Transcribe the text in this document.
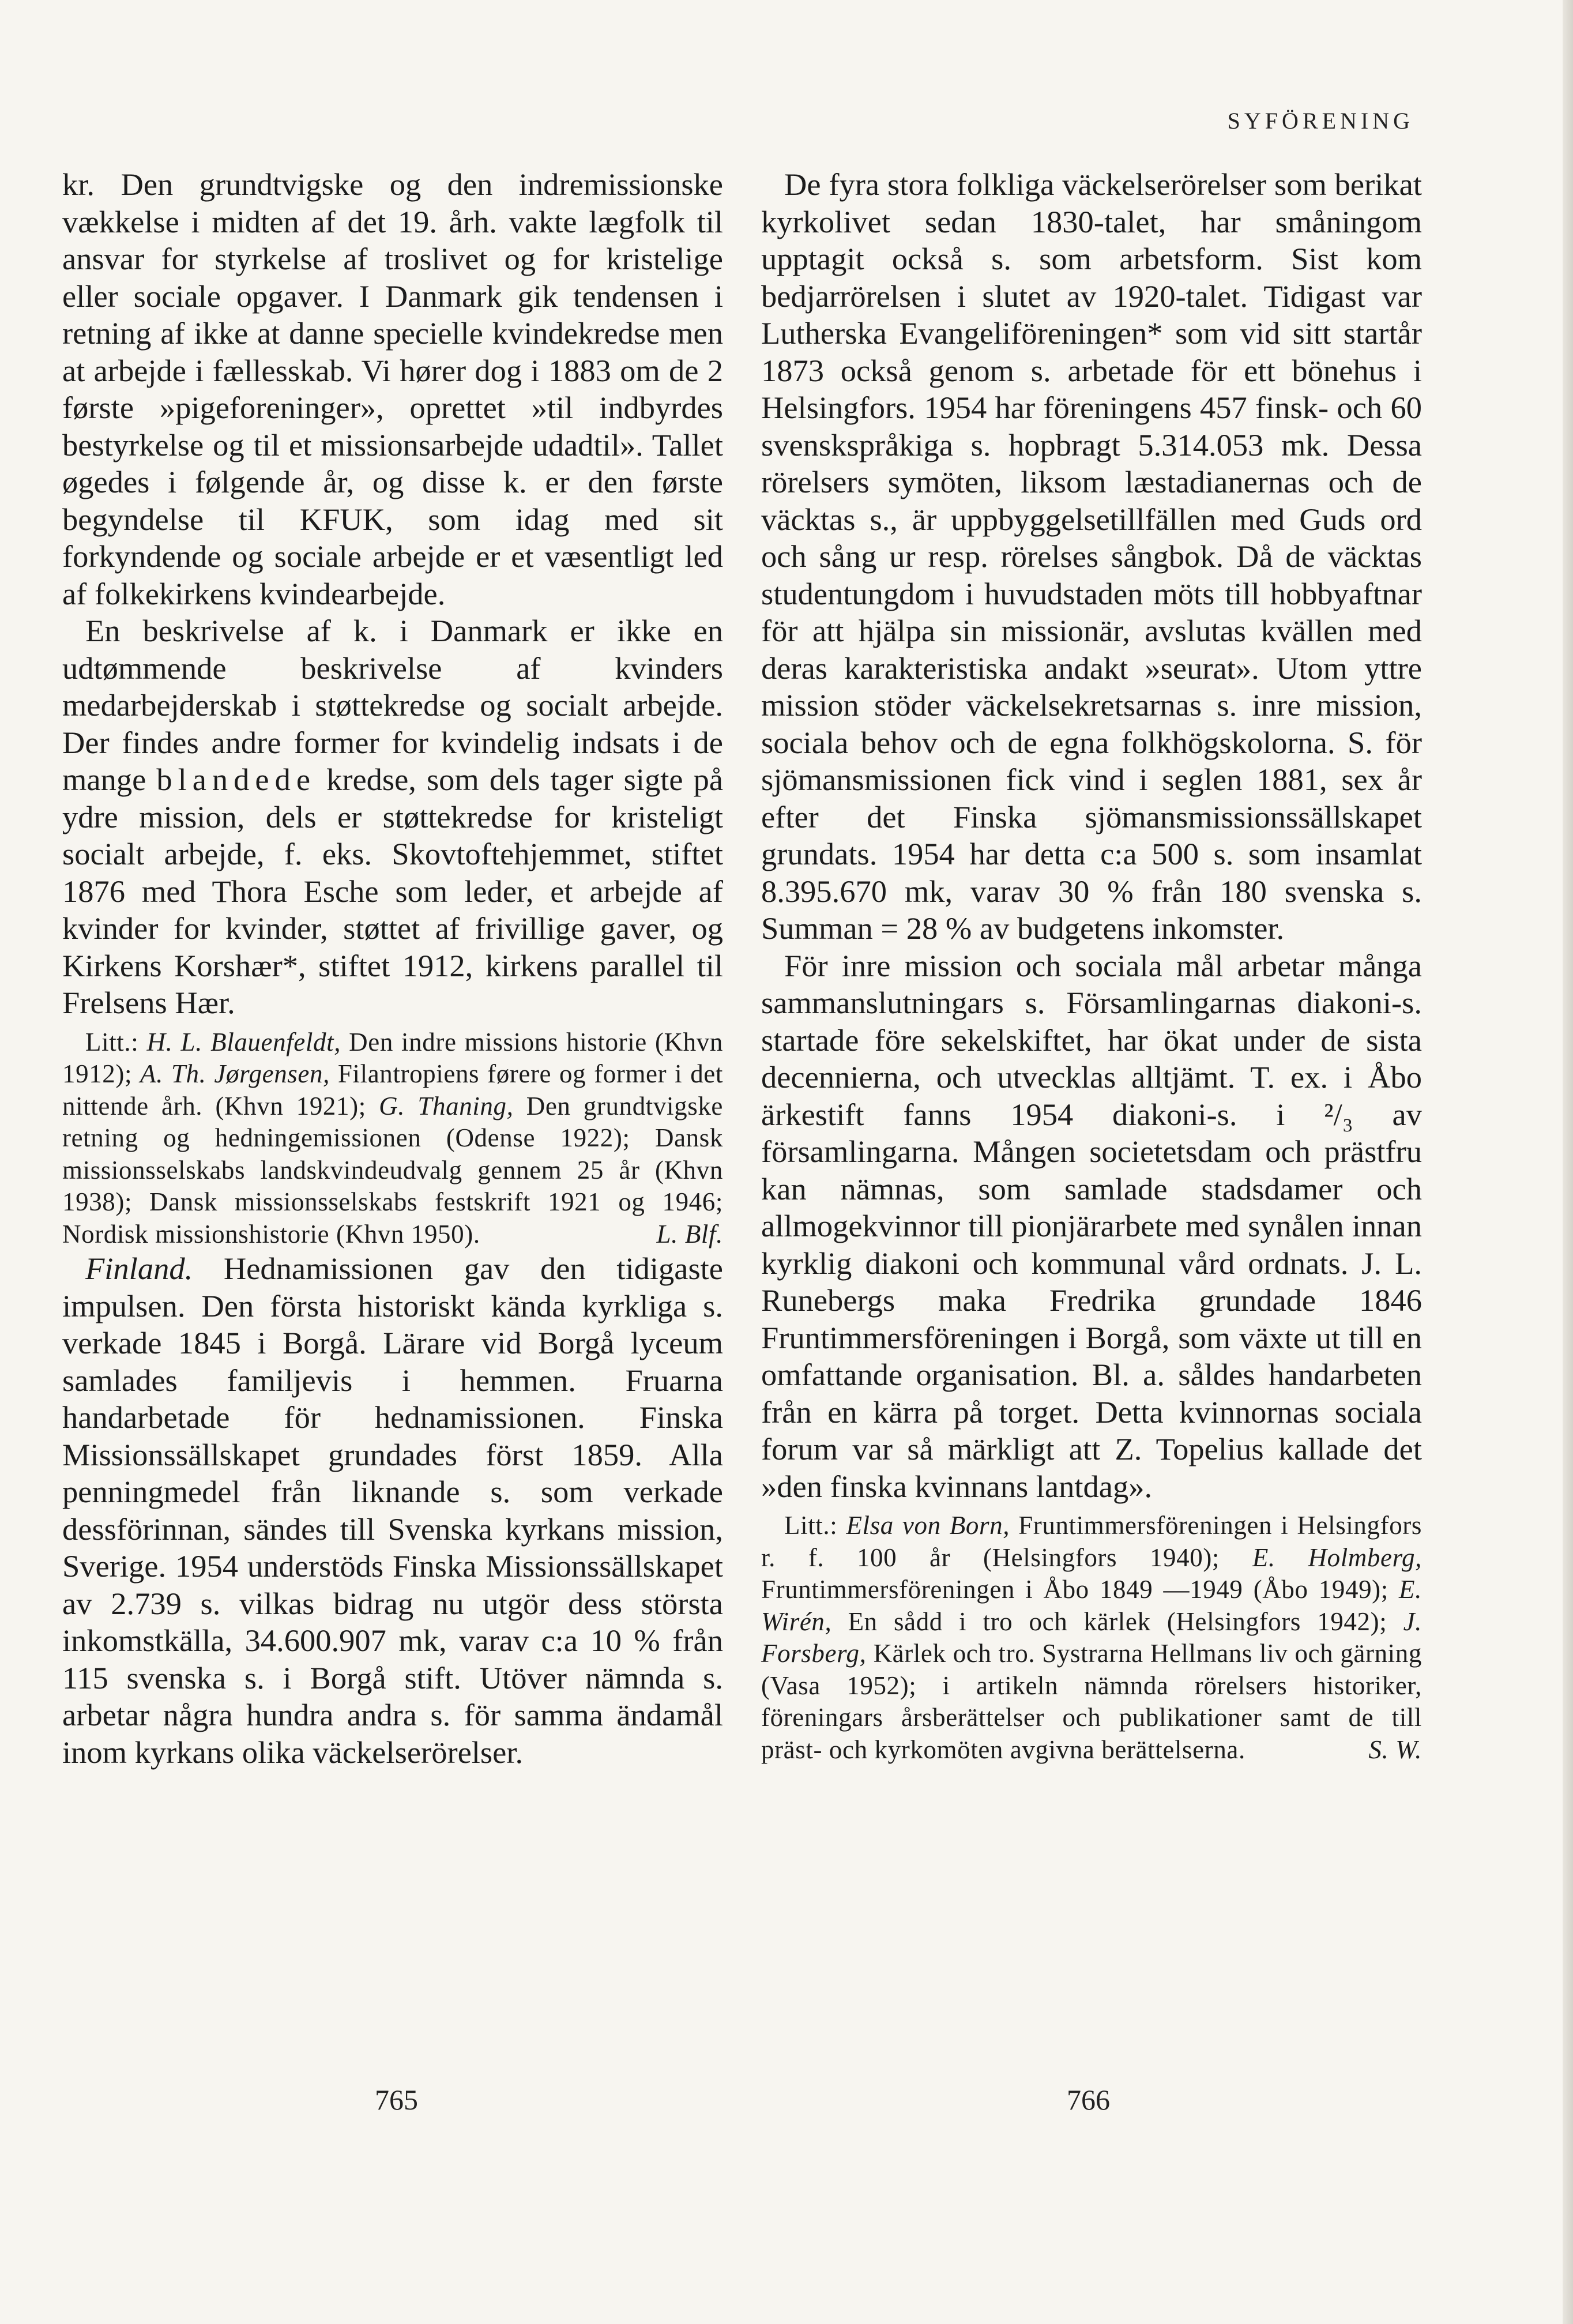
SYFÖRENING

kr. Den grundtvigske og den indremissionske vækkelse i midten af det 19. årh. vakte lægfolk til ansvar for styrkelse af troslivet og for kristelige eller sociale opgaver. I Danmark gik tendensen i retning af ikke at danne specielle kvindekredse men at arbejde i fællesskab. Vi hører dog i 1883 om de 2 første »pigeforeninger», oprettet »til indbyrdes bestyrkelse og til et missionsarbejde udadtil». Tallet øgedes i følgende år, og disse k. er den første begyndelse til KFUK, som idag med sit forkyndende og sociale arbejde er et væsentligt led af folkekirkens kvindearbejde.

En beskrivelse af k. i Danmark er ikke en udtømmende beskrivelse af kvinders medarbejderskab i støttekredse og socialt arbejde. Der findes andre former for kvindelig indsats i de mange blandede kredse, som dels tager sigte på ydre mission, dels er støttekredse for kristeligt socialt arbejde, f. eks. Skovtoftehjemmet, stiftet 1876 med Thora Esche som leder, et arbejde af kvinder for kvinder, støttet af frivillige gaver, og Kirkens Korshær*, stiftet 1912, kirkens parallel til Frelsens Hær.

Litt.: H. L. Blauenfeldt, Den indre missions historie (Khvn 1912); A. Th. Jørgensen, Filantropiens førere og former i det nittende årh. (Khvn 1921); G. Thaning, Den grundtvigske retning og hedningemissionen (Odense 1922); Dansk missionsselskabs landskvindeudvalg gennem 25 år (Khvn 1938); Dansk missionsselskabs festskrift 1921 og 1946; Nordisk missionshistorie (Khvn 1950).	L. Blf.

Finland. Hednamissionen gav den tidigaste impulsen. Den första historiskt kända kyrkliga s. verkade 1845 i Borgå. Lärare vid Borgå lyceum samlades familjevis i hemmen. Fruarna handarbetade för hednamissionen. Finska Missionssällskapet grundades först 1859. Alla penningmedel från liknande s. som verkade dessförinnan, sändes till Svenska kyrkans mission, Sverige. 1954 understöds Finska Missionssällskapet av 2.739 s. vilkas bidrag nu utgör dess största inkomstkälla, 34.600.907 mk, varav c:a 10 % från 115 svenska s. i Borgå stift. Utöver nämnda s. arbetar några hundra andra s. för samma ändamål inom kyrkans olika väckelserörelser.

De fyra stora folkliga väckelserörelser som berikat kyrkolivet sedan 1830-talet, har småningom upptagit också s. som arbetsform. Sist kom bedjarrörelsen i slutet av 1920-talet. Tidigast var Lutherska Evangeliföreningen* som vid sitt startår 1873 också genom s. arbetade för ett bönehus i Helsingfors. 1954 har föreningens 457 finsk- och 60 svenskspråkiga s. hopbragt 5.314.053 mk. Dessa rörelsers symöten, liksom læstadianernas och de väcktas s., är uppbyggelsetillfällen med Guds ord och sång ur resp. rörelses sångbok. Då de väcktas studentungdom i huvudstaden möts till hobbyaftnar för att hjälpa sin missionär, avslutas kvällen med deras karakteristiska andakt »seurat». Utom yttre mission stöder väckelsekretsarnas s. inre mission, sociala behov och de egna folkhögskolorna. S. för sjömansmissionen fick vind i seglen 1881, sex år efter det Finska sjömansmissionssällskapet grundats. 1954 har detta c:a 500 s. som insamlat 8.395.670 mk, varav 30 % från 180 svenska s. Summan = 28 % av budgetens inkomster.

För inre mission och sociala mål arbetar många sammanslutningars s. Församlingarnas diakoni-s. startade före sekelskiftet, har ökat under de sista decennierna, och utvecklas alltjämt. T. ex. i Åbo ärkestift fanns 1954 diakoni-s. i ²/₃ av församlingarna. Mången societetsdam och prästfru kan nämnas, som samlade stadsdamer och allmogekvinnor till pionjärarbete med synålen innan kyrklig diakoni och kommunal vård ordnats. J. L. Runebergs maka Fredrika grundade 1846 Fruntimmersföreningen i Borgå, som växte ut till en omfattande organisation. Bl. a. såldes handarbeten från en kärra på torget. Detta kvinnornas sociala forum var så märkligt att Z. Topelius kallade det »den finska kvinnans lantdag».

Litt.: Elsa von Born, Fruntimmersföreningen i Helsingfors r. f. 100 år (Helsingfors 1940); E. Holmberg, Fruntimmersföreningen i Åbo 1849 —1949 (Åbo 1949); E. Wirén, En sådd i tro och kärlek (Helsingfors 1942); J. Forsberg, Kärlek och tro. Systrarna Hellmans liv och gärning (Vasa 1952); i artikeln nämnda rörelsers historiker, föreningars årsberättelser och publikationer samt de till präst- och kyrkomöten avgivna berättelserna.	S. W.

765	766
